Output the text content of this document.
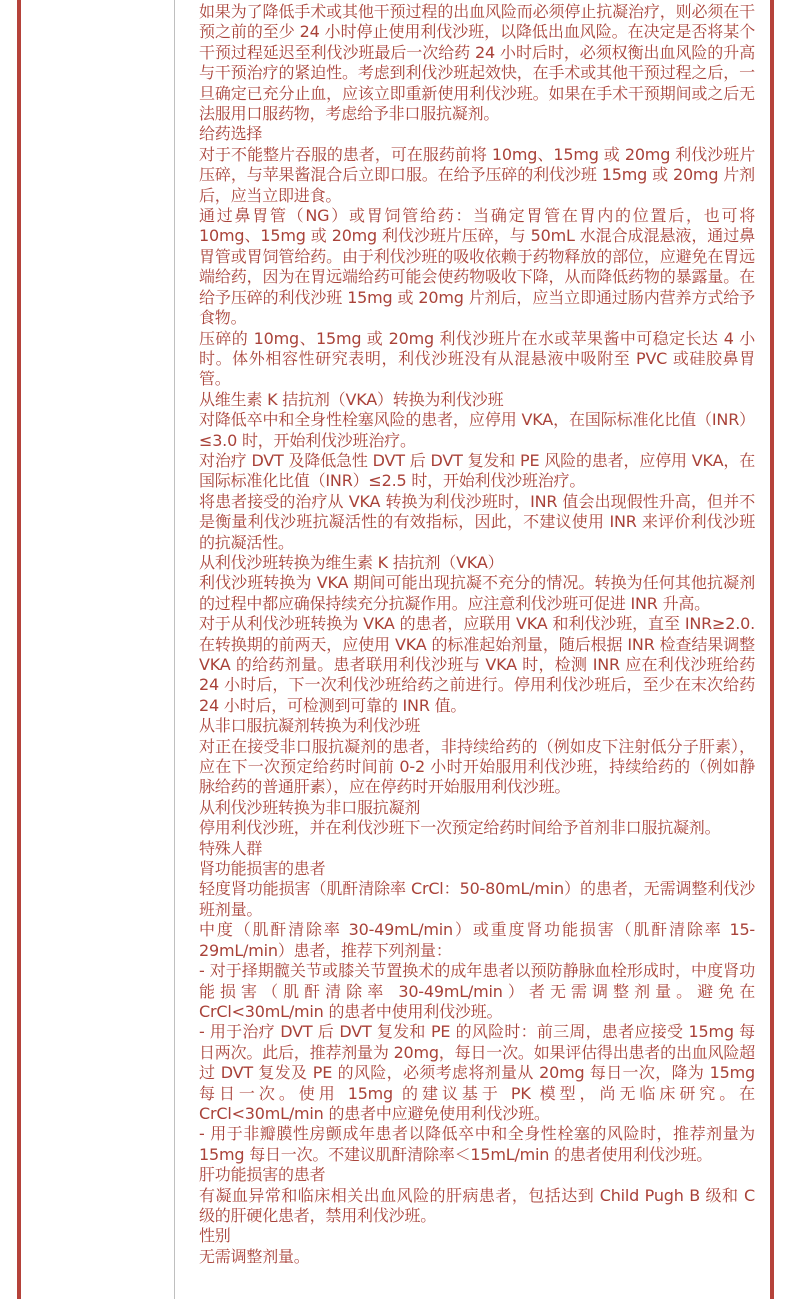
如果为了降低手术或其他干预过程的出血风险而必须停止抗凝治疗，则必须在干预之前的至少 24 小时停止使用利伐沙班，以降低出血风险。在决定是否将某个干预过程延迟至利伐沙班最后一次给药 24 小时后时，必须权衡出血风险的升高与干预治疗的紧迫性。考虑到利伐沙班起效快，在手术或其他干预过程之后，一旦确定已充分止血，应该立即重新使用利伐沙班。如果在手术干预期间或之后无法服用口服药物，考虑给予非口服抗凝剂。

给药选择

对于不能整片吞服的患者，可在服药前将 10mg、15mg 或 20mg 利伐沙班片压碎，与苹果酱混合后立即口服。在给予压碎的利伐沙班 15mg 或 20mg 片剂后，应当立即进食。

通过鼻胃管（NG）或胃饲管给药：当确定胃管在胃内的位置后，也可将 10mg、15mg 或 20mg 利伐沙班片压碎，与 50mL 水混合成混悬液，通过鼻胃管或胃饲管给药。由于利伐沙班的吸收依赖于药物释放的部位，应避免在胃远端给药，因为在胃远端给药可能会使药物吸收下降，从而降低药物的暴露量。在给予压碎的利伐沙班 15mg 或 20mg 片剂后，应当立即通过肠内营养方式给予食物。

压碎的 10mg、15mg 或 20mg 利伐沙班片在水或苹果酱中可稳定长达 4 小时。体外相容性研究表明，利伐沙班没有从混悬液中吸附至 PVC 或硅胶鼻胃管。

从维生素 K 拮抗剂（VKA）转换为利伐沙班

对降低卒中和全身性栓塞风险的患者，应停用 VKA，在国际标准化比值（INR）≤3.0 时，开始利伐沙班治疗。

对治疗 DVT 及降低急性 DVT 后 DVT 复发和 PE 风险的患者，应停用 VKA，在国际标准化比值（INR）≤2.5 时，开始利伐沙班治疗。

将患者接受的治疗从 VKA 转换为利伐沙班时，INR 值会出现假性升高，但并不是衡量利伐沙班抗凝活性的有效指标，因此，不建议使用 INR 来评价利伐沙班的抗凝活性。

从利伐沙班转换为维生素 K 拮抗剂（VKA）

利伐沙班转换为 VKA 期间可能出现抗凝不充分的情况。转换为任何其他抗凝剂的过程中都应确保持续充分抗凝作用。应注意利伐沙班可促进 INR 升高。

对于从利伐沙班转换为 VKA 的患者，应联用 VKA 和利伐沙班，直至 INR≥2.0. 在转换期的前两天，应使用 VKA 的标准起始剂量，随后根据 INR 检查结果调整 VKA 的给药剂量。患者联用利伐沙班与 VKA 时，检测 INR 应在利伐沙班给药 24 小时后，下一次利伐沙班给药之前进行。停用利伐沙班后，至少在末次给药 24 小时后，可检测到可靠的 INR 值。

从非口服抗凝剂转换为利伐沙班

对正在接受非口服抗凝剂的患者，非持续给药的（例如皮下注射低分子肝素），应在下一次预定给药时间前 0-2 小时开始服用利伐沙班，持续给药的（例如静脉给药的普通肝素），应在停药时开始服用利伐沙班。

从利伐沙班转换为非口服抗凝剂

停用利伐沙班，并在利伐沙班下一次预定给药时间给予首剂非口服抗凝剂。

特殊人群

肾功能损害的患者

轻度肾功能损害（肌酐清除率 CrCl：50-80mL/min）的患者，无需调整利伐沙班剂量。

中度（肌酐清除率 30-49mL/min）或重度肾功能损害（肌酐清除率 15-29mL/min）患者，推荐下列剂量：

- 对于择期髋关节或膝关节置换术的成年患者以预防静脉血栓形成时，中度肾功能损害（肌酐清除率 30-49mL/min）者无需调整剂量。避免在 CrCl<30mL/min 的患者中使用利伐沙班。

- 用于治疗 DVT 后 DVT 复发和 PE 的风险时：前三周，患者应接受 15mg 每日两次。此后，推荐剂量为 20mg，每日一次。如果评估得出患者的出血风险超过 DVT 复发及 PE 的风险，必须考虑将剂量从 20mg 每日一次，降为 15mg 每日一次。使用 15mg 的建议基于 PK 模型，尚无临床研究。在 CrCl<30mL/min 的患者中应避免使用利伐沙班。

- 用于非瓣膜性房颤成年患者以降低卒中和全身性栓塞的风险时，推荐剂量为 15mg 每日一次。不建议肌酐清除率＜15mL/min 的患者使用利伐沙班。

肝功能损害的患者

有凝血异常和临床相关出血风险的肝病患者，包括达到 Child Pugh B 级和 C 级的肝硬化患者，禁用利伐沙班。

性别

无需调整剂量。
